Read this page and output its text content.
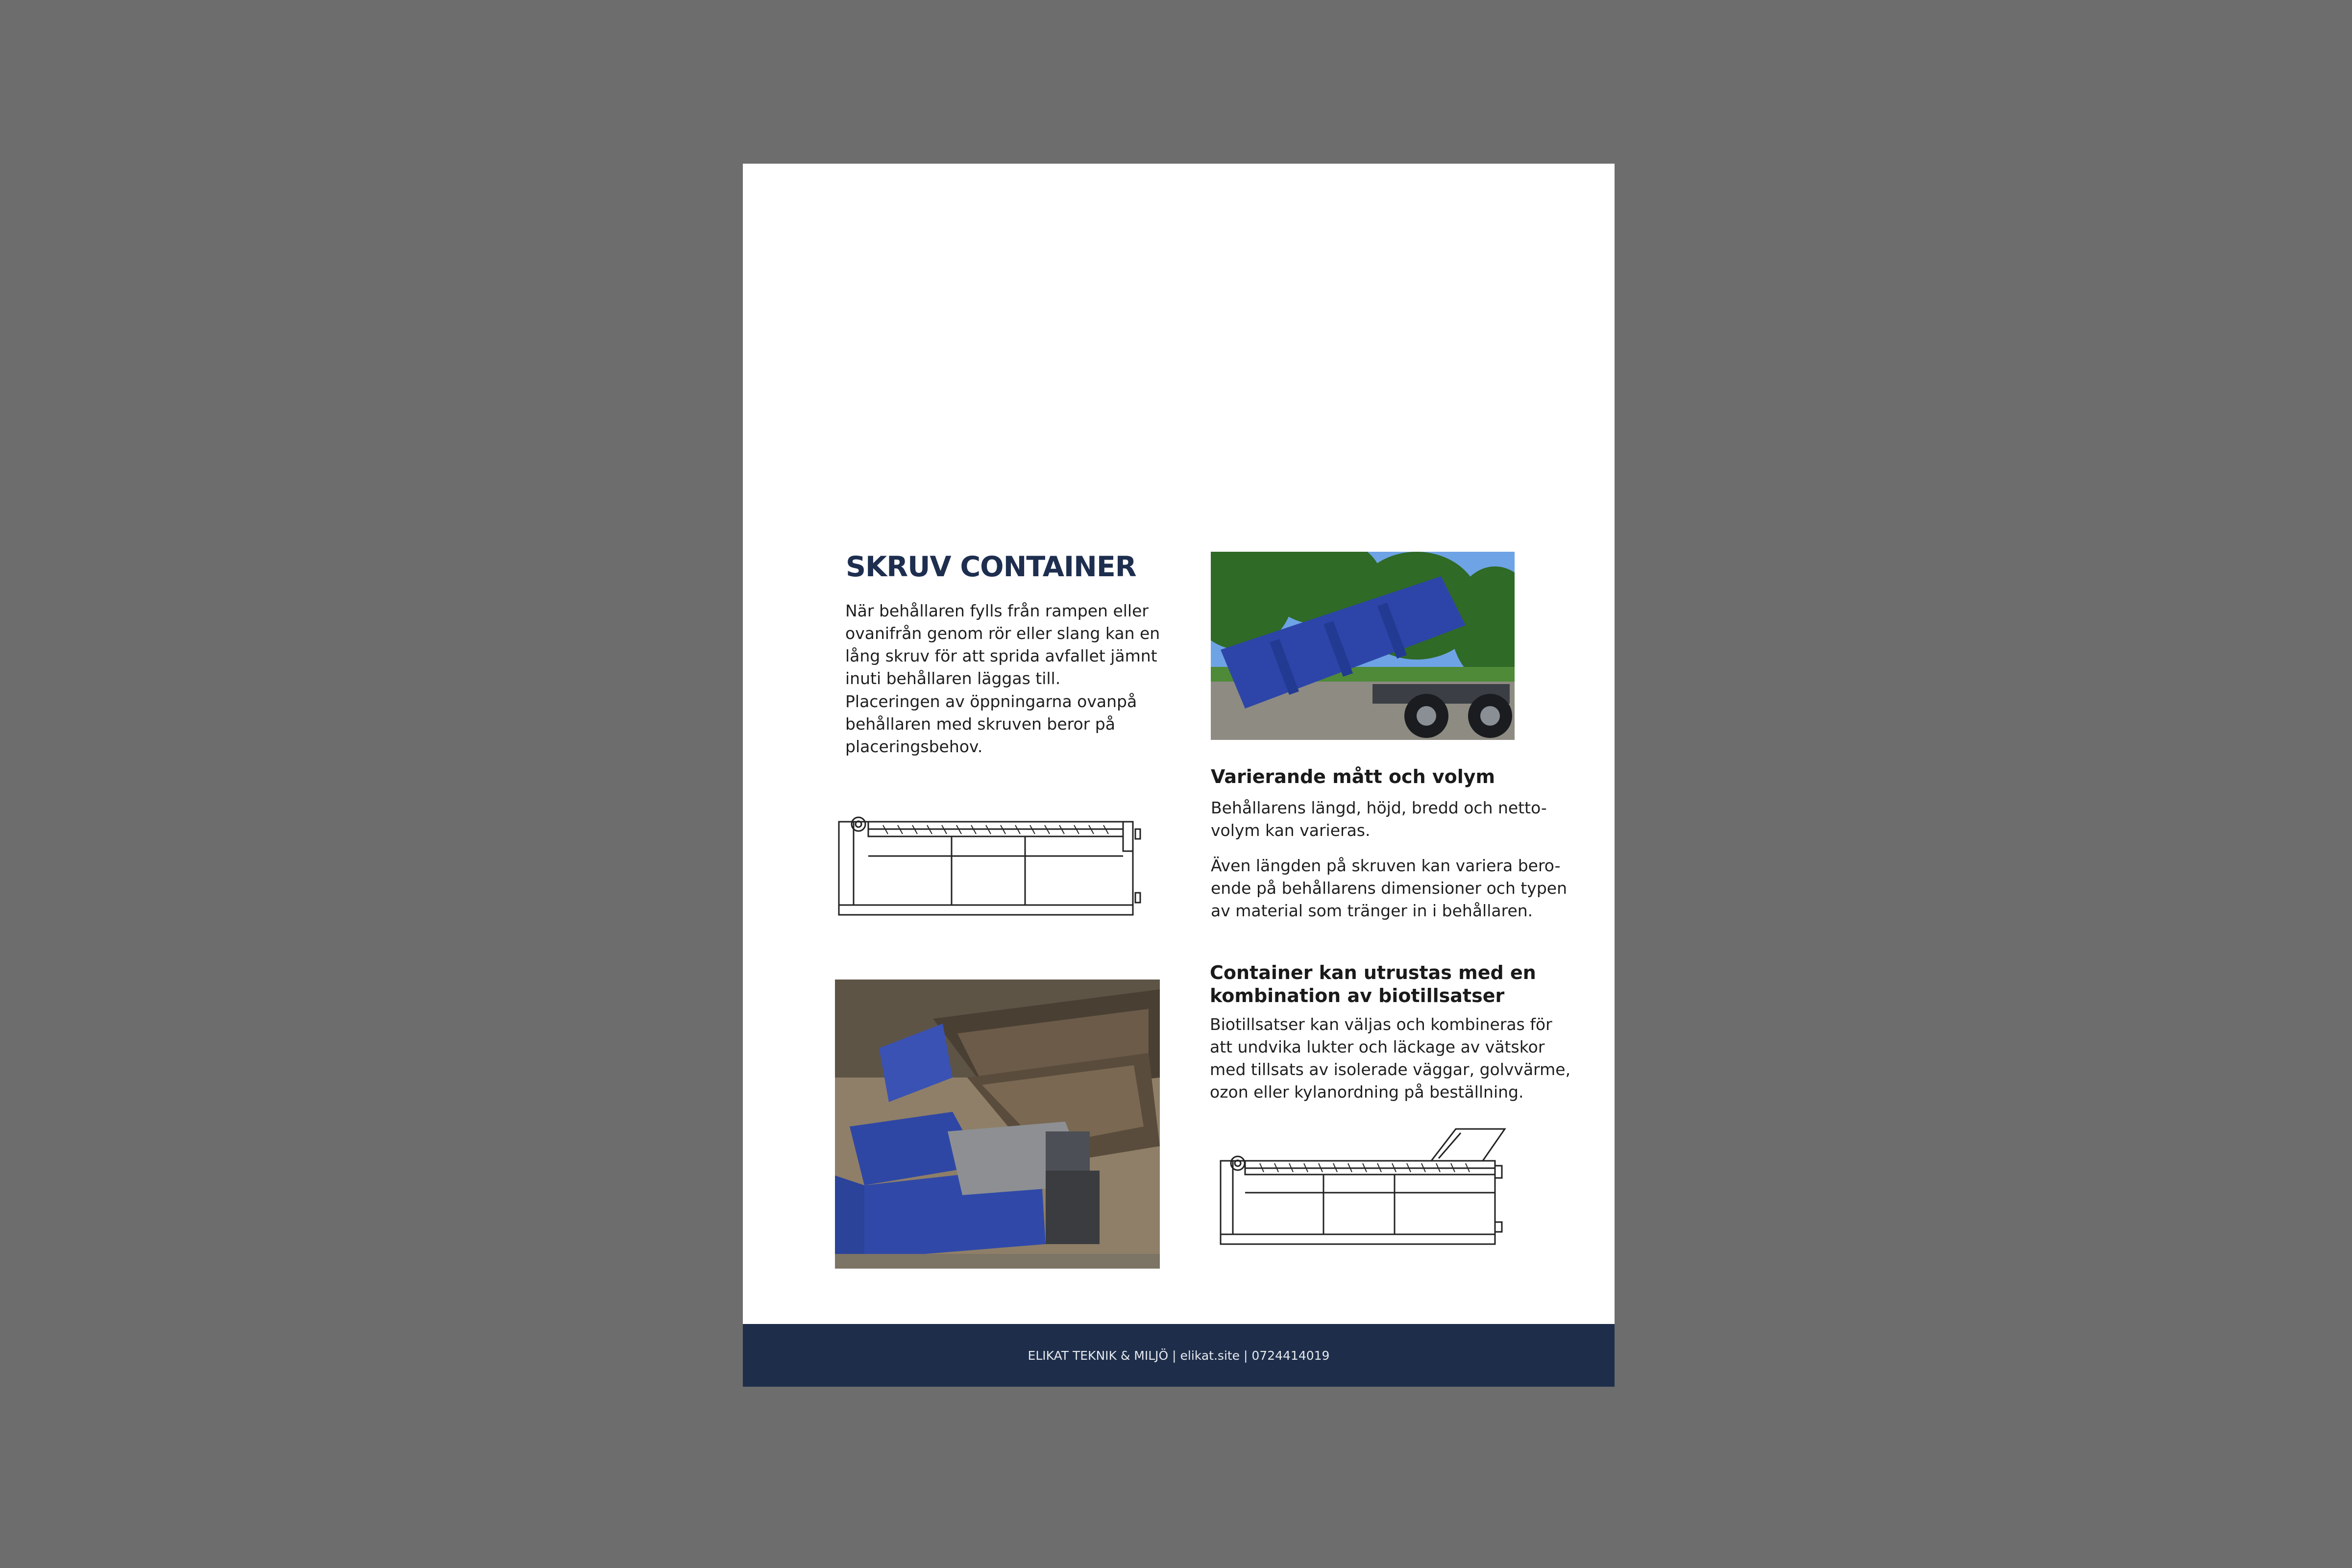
SKRUV CONTAINER
När behållaren fylls från rampen eller
ovanifrån genom rör eller slang kan en
lång skruv för att sprida avfallet jämnt
inuti behållaren läggas till.
Placeringen av öppningarna ovanpå
behållaren med skruven beror på
placeringsbehov.
Varierande mått och volym
Behållarens längd, höjd, bredd och netto-
volym kan varieras.
Även längden på skruven kan variera bero-
ende på behållarens dimensioner och typen
av material som tränger in i behållaren.
Container kan utrustas med en
kombination av biotillsatser
Biotillsatser kan väljas och kombineras för
att undvika lukter och läckage av vätskor
med tillsats av isolerade väggar, golvvärme,
ozon eller kylanordning på beställning.
ELIKAT TEKNIK & MILJÖ | elikat.site | 0724414019
